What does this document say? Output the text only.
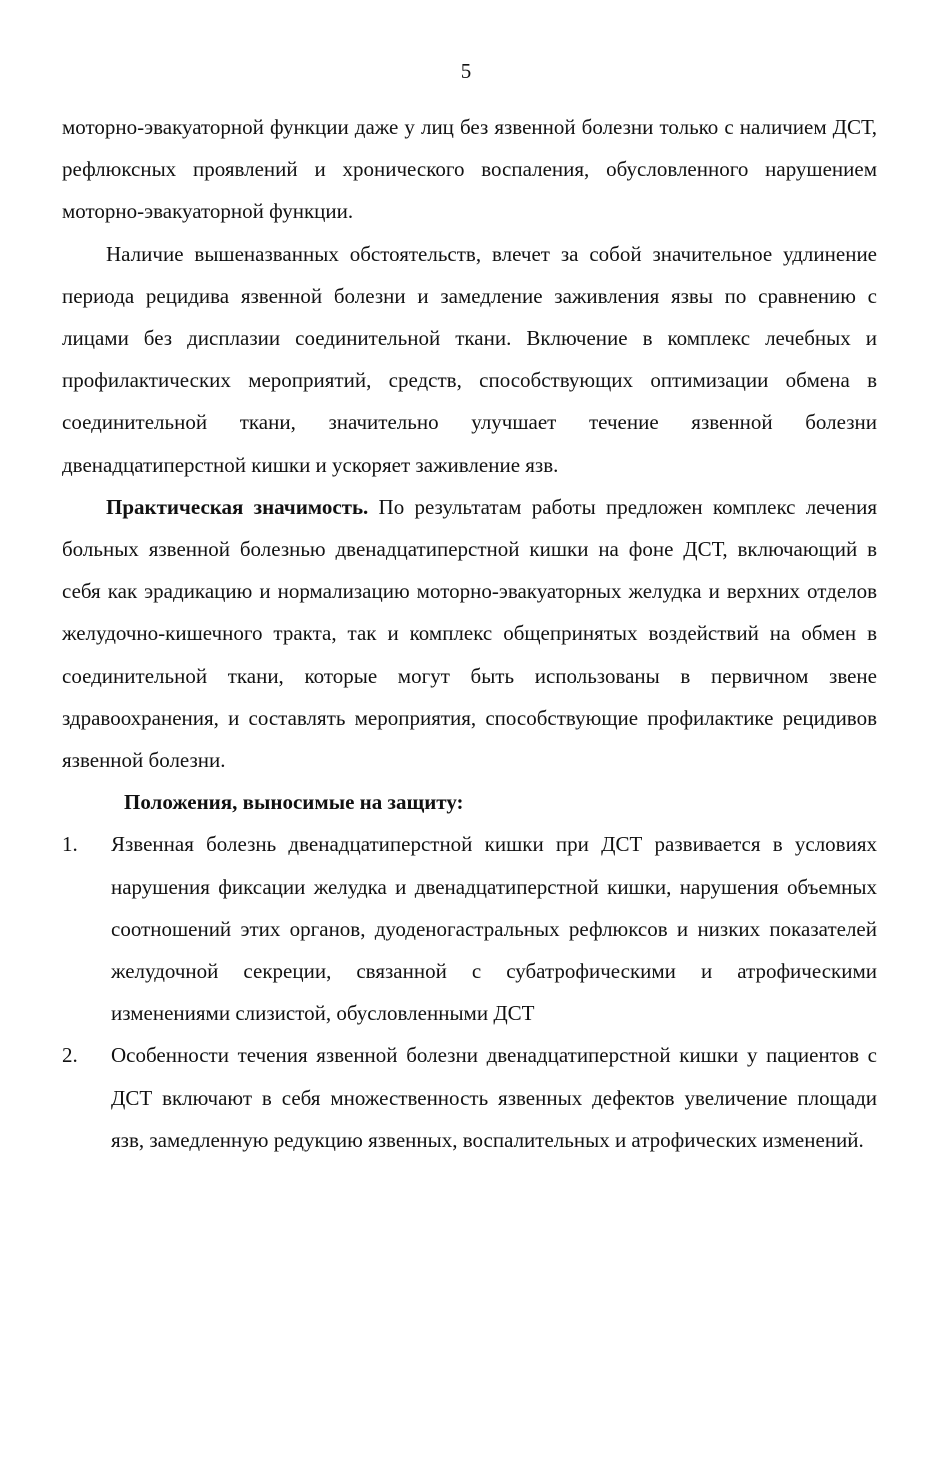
5

моторно-эвакуаторной функции даже у лиц без язвенной болезни только с наличием ДСТ, рефлюксных проявлений и хронического воспаления, обусловленного нарушением моторно-эвакуаторной функции.

Наличие вышеназванных обстоятельств, влечет за собой значительное удлинение периода рецидива язвенной болезни и замедление заживления язвы по сравнению с лицами без дисплазии соединительной ткани. Включение в комплекс лечебных и профилактических мероприятий, средств, способствующих оптимизации обмена в соединительной ткани, значительно улучшает течение язвенной болезни двенадцатиперстной кишки и ускоряет заживление язв.

Практическая значимость. По результатам работы предложен комплекс лечения больных язвенной болезнью двенадцатиперстной кишки на фоне ДСТ, включающий в себя как эрадикацию и нормализацию моторно-эвакуаторных желудка и верхних отделов желудочно-кишечного тракта, так и комплекс общепринятых воздействий на обмен в соединительной ткани, которые могут быть использованы в первичном звене здравоохранения, и составлять мероприятия, способствующие профилактике рецидивов язвенной болезни.

Положения, выносимые на защиту:
1. Язвенная болезнь двенадцатиперстной кишки при ДСТ развивается в условиях нарушения фиксации желудка и двенадцатиперстной кишки, нарушения объемных соотношений этих органов, дуоденогастральных рефлюксов и низких показателей желудочной секреции, связанной с субатрофическими и атрофическими изменениями слизистой, обусловленными ДСТ

2. Особенности течения язвенной болезни двенадцатиперстной кишки у пациентов с ДСТ включают в себя множественность язвенных дефектов увеличение площади язв, замедленную редукцию язвенных, воспалительных и атрофических изменений.
